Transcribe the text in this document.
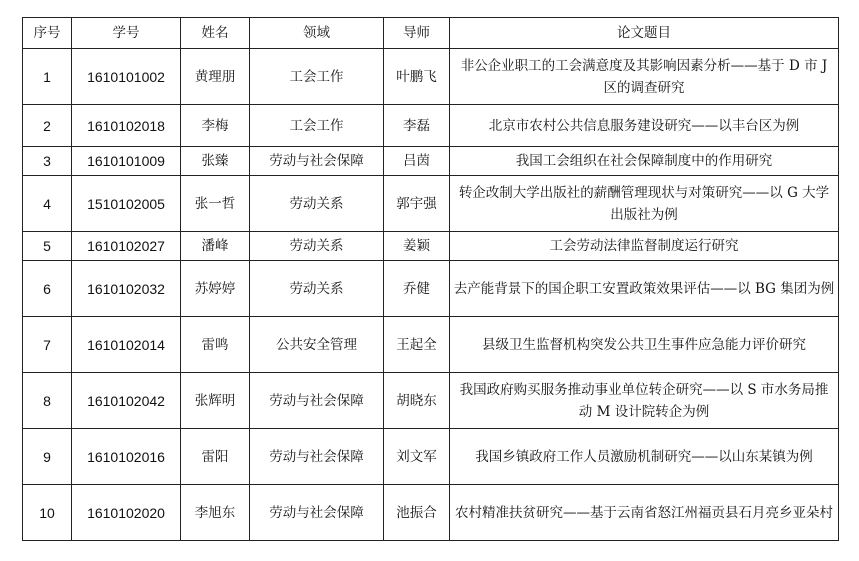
序号	学号	姓名	领域	导师	论文题目
1	1610101002	黄理朋	工会工作	叶鹏飞	非公企业职工的工会满意度及其影响因素分析——基于 D 市 J 区的调查研究
2	1610102018	李梅	工会工作	李磊	北京市农村公共信息服务建设研究——以丰台区为例
3	1610101009	张臻	劳动与社会保障	吕茵	我国工会组织在社会保障制度中的作用研究
4	1510102005	张一哲	劳动关系	郭宇强	转企改制大学出版社的薪酬管理现状与对策研究——以 G 大学出版社为例
5	1610102027	潘峰	劳动关系	姜颖	工会劳动法律监督制度运行研究
6	1610102032	苏婷婷	劳动关系	乔健	去产能背景下的国企职工安置政策效果评估——以 BG 集团为例
7	1610102014	雷鸣	公共安全管理	王起全	县级卫生监督机构突发公共卫生事件应急能力评价研究
8	1610102042	张辉明	劳动与社会保障	胡晓东	我国政府购买服务推动事业单位转企研究——以 S 市水务局推动 M 设计院转企为例
9	1610102016	雷阳	劳动与社会保障	刘文军	我国乡镇政府工作人员激励机制研究——以山东某镇为例
10	1610102020	李旭东	劳动与社会保障	池振合	农村精准扶贫研究——基于云南省怒江州福贡县石月亮乡亚朵村
